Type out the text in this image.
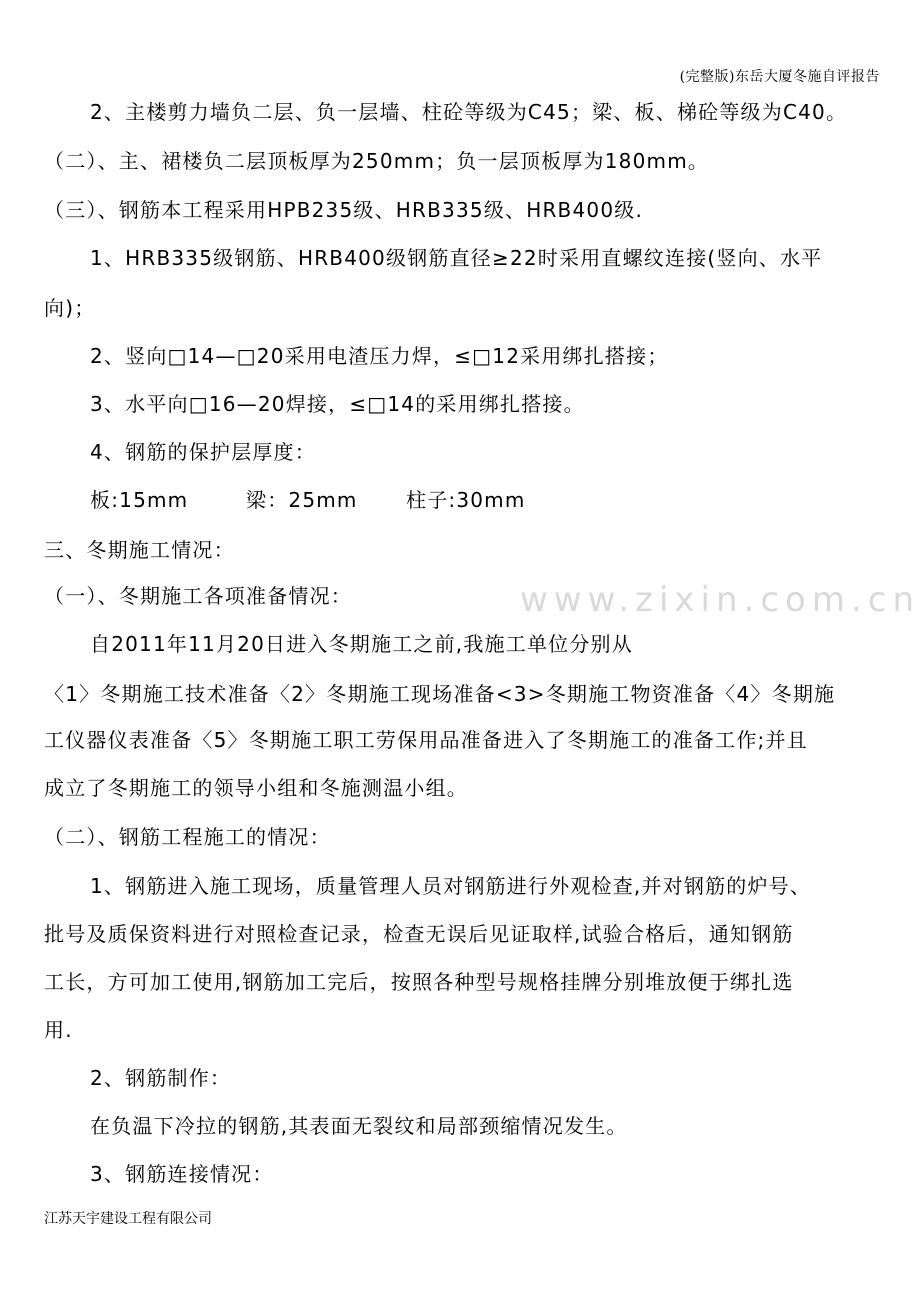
(完整版)东岳大厦冬施自评报告
2、主楼剪力墙负二层、负一层墙、柱砼等级为C45；梁、板、梯砼等级为C40。
（二）、主、裙楼负二层顶板厚为250mm；负一层顶板厚为180mm。
（三）、钢筋本工程采用HPB235级、HRB335级、HRB400级.
1、HRB335级钢筋、HRB400级钢筋直径≥22时采用直螺纹连接(竖向、水平
向)；
2、竖向□14—□20采用电渣压力焊，≤□12采用绑扎搭接；
3、水平向□16—20焊接，≤□14的采用绑扎搭接。
4、钢筋的保护层厚度：
板:15mm	梁：25mm 柱子:30mm
三、冬期施工情况：
（一）、冬期施工各项准备情况：
自2011年11月20日进入冬期施工之前,我施工单位分别从
〈1〉冬期施工技术准备〈2〉冬期施工现场准备<3>冬期施工物资准备〈4〉冬期施
工仪器仪表准备〈5〉冬期施工职工劳保用品准备进入了冬期施工的准备工作;并且
成立了冬期施工的领导小组和冬施测温小组。
（二）、钢筋工程施工的情况：
1、钢筋进入施工现场，质量管理人员对钢筋进行外观检查,并对钢筋的炉号、
批号及质保资料进行对照检查记录，检查无误后见证取样,试验合格后，通知钢筋
工长，方可加工使用,钢筋加工完后，按照各种型号规格挂牌分别堆放便于绑扎选
用.
2、钢筋制作：
在负温下冷拉的钢筋,其表面无裂纹和局部颈缩情况发生。
3、钢筋连接情况：
www.zixin.com.cn
江苏天宇建设工程有限公司
